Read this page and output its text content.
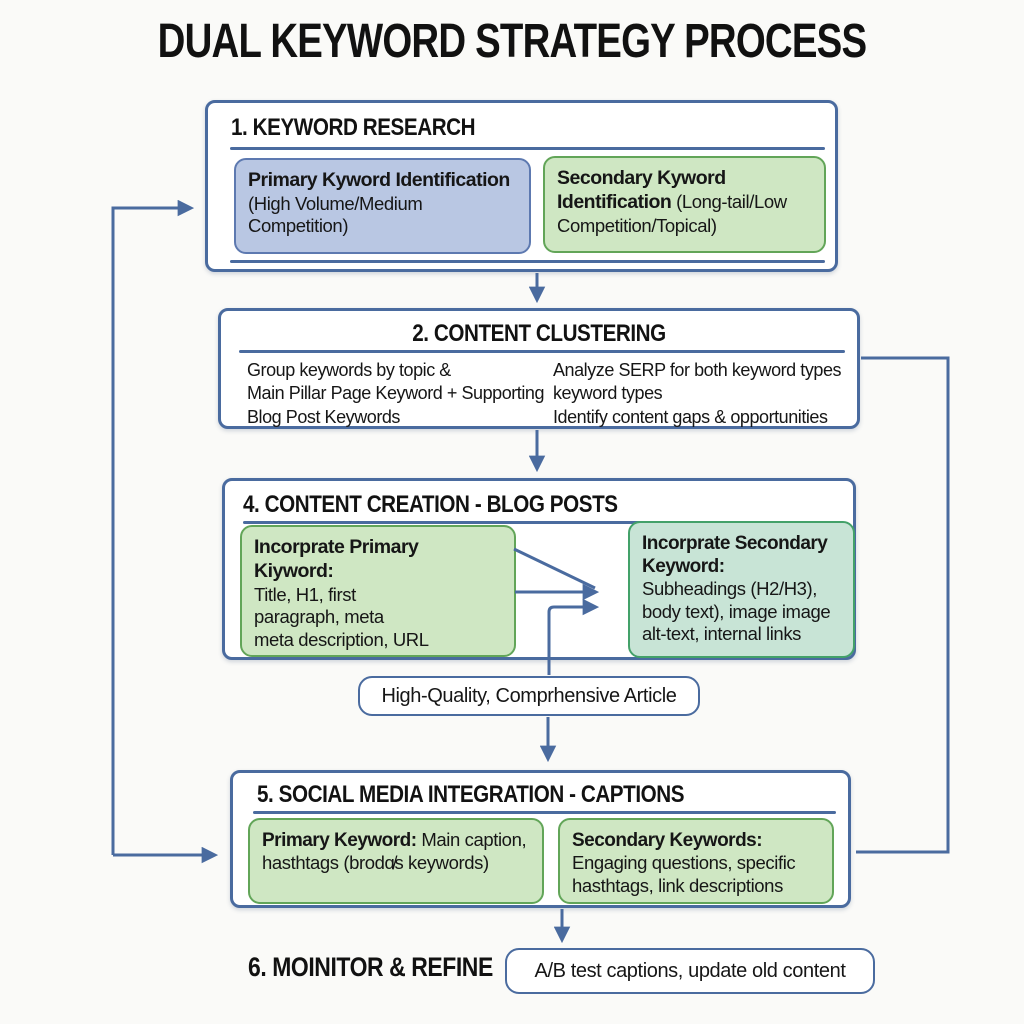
DUAL KEYWORD STRATEGY PROCESS
1. KEYWORD RESEARCH
Primary Kyword Identification
(High Volume/Medium Competition)
Secondary Kyword Identification (Long-tail/Low Competition/Topical)
2. CONTENT CLUSTERING
Group keywords by topic &
Main Pillar Page Keyword + Supporting
Blog Post Keywords
Analyze SERP for both keyword types
keyword types
Identify content gaps & opportunities
4. CONTENT CREATION - BLOG POSTS
Incorprate Primary Kiyword:
Title, H1, first
paragraph, meta
meta description, URL
Incorprate Secondary Keyword:
Subheadings (H2/H3),
body text), image image
alt-text, internal links
High-Quality, Comprhensive Article
5. SOCIAL MEDIA INTEGRATION - CAPTIONS
Primary Keyword: Main caption,
hasthtags (brodɑ̸s keywords)
Secondary Keywords:
Engaging questions, specific
hasthtags, link descriptions
6. MOINITOR & REFINE A/B test captions, update old content
